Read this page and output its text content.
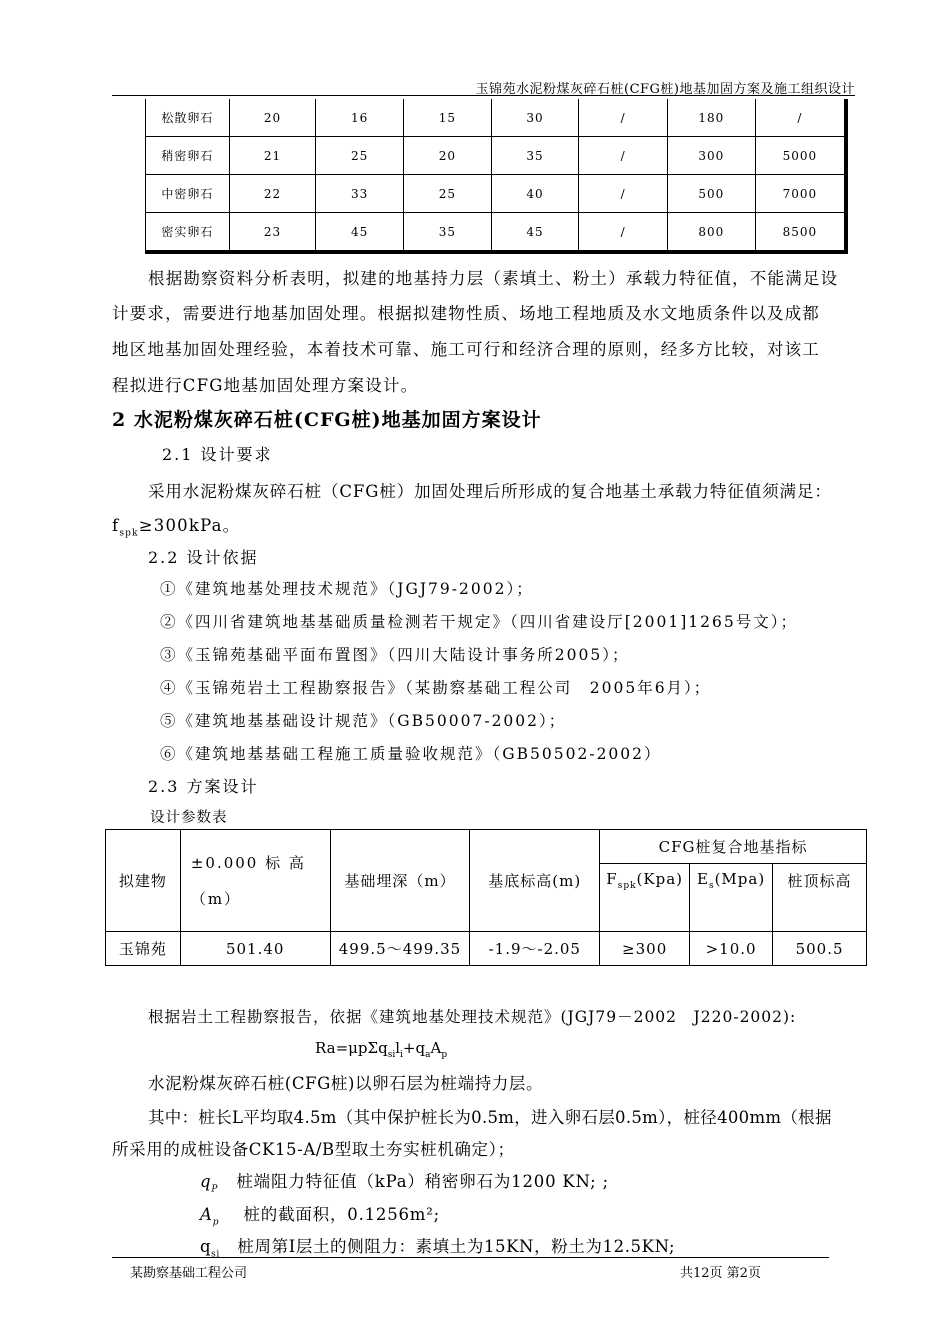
玉锦苑水泥粉煤灰碎石桩(CFG桩)地基加固方案及施工组织设计
松散卵石	20	16	15	30	/	180	/
稍密卵石	21	25	20	35	/	300	5000
中密卵石	22	33	25	40	/	500	7000
密实卵石	23	45	35	45	/	800	8500
根据勘察资料分析表明，拟建的地基持力层（素填土、粉土）承载力特征值，不能满足设
计要求，需要进行地基加固处理。根据拟建物性质、场地工程地质及水文地质条件以及成都
地区地基加固处理经验，本着技术可靠、施工可行和经济合理的原则，经多方比较，对该工
程拟进行CFG地基加固处理方案设计。
2 水泥粉煤灰碎石桩(CFG桩)地基加固方案设计
2.1 设计要求
采用水泥粉煤灰碎石桩（CFG桩）加固处理后所形成的复合地基土承载力特征值须满足：
$f_{spk}\ge 300kPa$。
2.2 设计依据
①《建筑地基处理技术规范》（JGJ79-2002）；
②《四川省建筑地基基础质量检测若干规定》（四川省建设厅[2001]1265号文）；
③《玉锦苑基础平面布置图》（四川大陆设计事务所2005）；
④《玉锦苑岩土工程勘察报告》（某勘察基础工程公司　2005年6月）；
⑤《建筑地基基础设计规范》（GB50007-2002）；
⑥《建筑地基基础工程施工质量验收规范》（GB50502-2002）
2.3 方案设计
设计参数表
拟建物	±0.000 标 高（m）	基础埋深（m）	基底标高(m)	CFG桩复合地基指标		
				$F_{spk}(Kpa)$	$E_s(Mpa)$	桩顶标高
玉锦苑	501.40	499.5～499.35	-1.9～-2.05	≥300	>10.0	500.5
根据岩土工程勘察报告，依据《建筑地基处理技术规范》(JGJ79－2002　J220-2002):
$Ra=\mu p\Sigma q_{si}l_i+q_aA_p$
水泥粉煤灰碎石桩(CFG桩)以卵石层为桩端持力层。
其中：桩长L平均取4.5m（其中保护桩长为0.5m，进入卵石层0.5m），桩径400mm（根据
所采用的成桩设备CK15-A/B型取土夯实桩机确定）；
$q_P$ 桩端阻力特征值（kPa）稍密卵石为1200 KN; ;
$A_p$ 桩的截面积，0.1256m²;
$q_{si}$ 桩周第I层土的侧阻力：素填土为15KN，粉土为12.5KN;
某勘察基础工程公司	共12页 第2页
